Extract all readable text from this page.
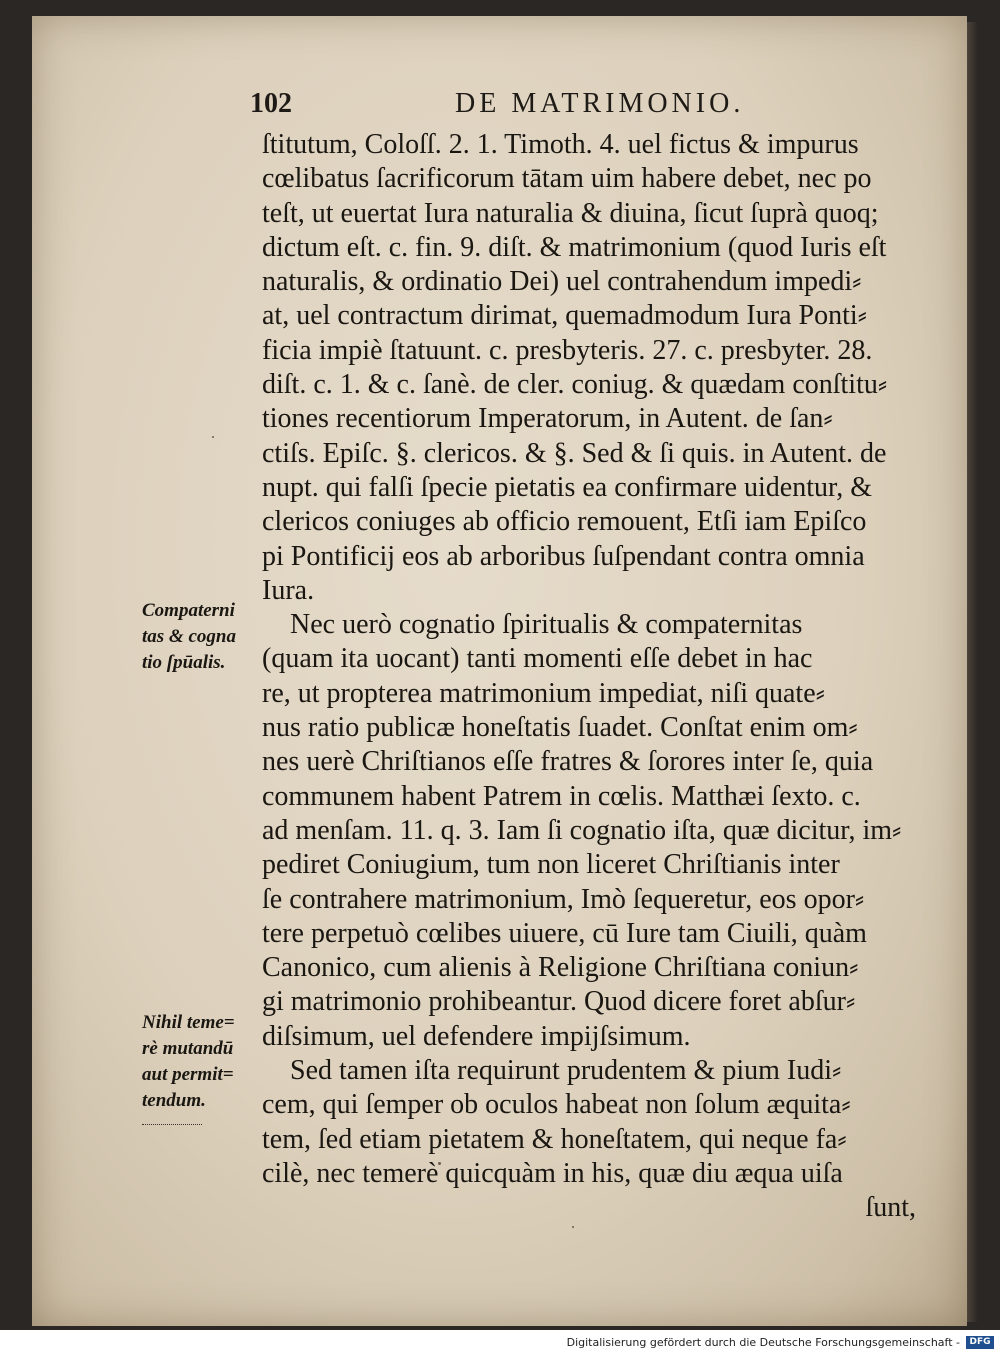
102	DE MATRIMONIO.
ſtitutum, Coloſſ. 2. 1. Timoth. 4. uel fictus & impurus
cœlibatus ſacrificorum tātam uim habere debet, nec po
teſt, ut euertat Iura naturalia & diuina, ſicut ſuprà quoq;
dictum eſt. c. fin. 9. diſt. & matrimonium (quod Iuris eſt
naturalis, & ordinatio Dei) uel contrahendum impedi⸗
at, uel contractum dirimat, quemadmodum Iura Ponti⸗
ficia impiè ſtatuunt. c. presbyteris. 27. c. presbyter. 28.
diſt. c. 1. & c. ſanè. de cler. coniug. & quædam conſtitu⸗
tiones recentiorum Imperatorum, in Autent. de ſan⸗
ctiſs. Epiſc. §. clericos. & §. Sed & ſi quis. in Autent. de
nupt. qui falſi ſpecie pietatis ea confirmare uidentur, &
clericos coniuges ab officio remouent, Etſi iam Epiſco
pi Pontificij eos ab arboribus ſuſpendant contra omnia
Iura.
Nec uerò cognatio ſpiritualis & compaternitas
(quam ita uocant) tanti momenti eſſe debet in hac
re, ut propterea matrimonium impediat, niſi quate⸗
nus ratio publicæ honeſtatis ſuadet. Conſtat enim om⸗
nes uerè Chriſtianos eſſe fratres & ſorores inter ſe, quia
communem habent Patrem in cœlis. Matthæi ſexto. c.
ad menſam. 11. q. 3. Iam ſi cognatio iſta, quæ dicitur, im⸗
pediret Coniugium, tum non liceret Chriſtianis inter
ſe contrahere matrimonium, Imò ſequeretur, eos opor⸗
tere perpetuò cœlibes uiuere, cū Iure tam Ciuili, quàm
Canonico, cum alienis à Religione Chriſtiana coniun⸗
gi matrimonio prohibeantur. Quod dicere foret abſur⸗
diſsimum, uel defendere impijſsimum.
Sed tamen iſta requirunt prudentem & pium Iudi⸗
cem, qui ſemper ob oculos habeat non ſolum æquita⸗
tem, ſed etiam pietatem & honeſtatem, qui neque fa⸗
cilè, nec temerè quicquàm in his, quæ diu æqua uiſa
ſunt,
Compaterni
tas & cogna
tio ſpūalis.
Nihil teme=
rè mutandū
aut permit=
tendum.
Digitalisierung gefördert durch die Deutsche Forschungsgemeinschaft -	DFG
